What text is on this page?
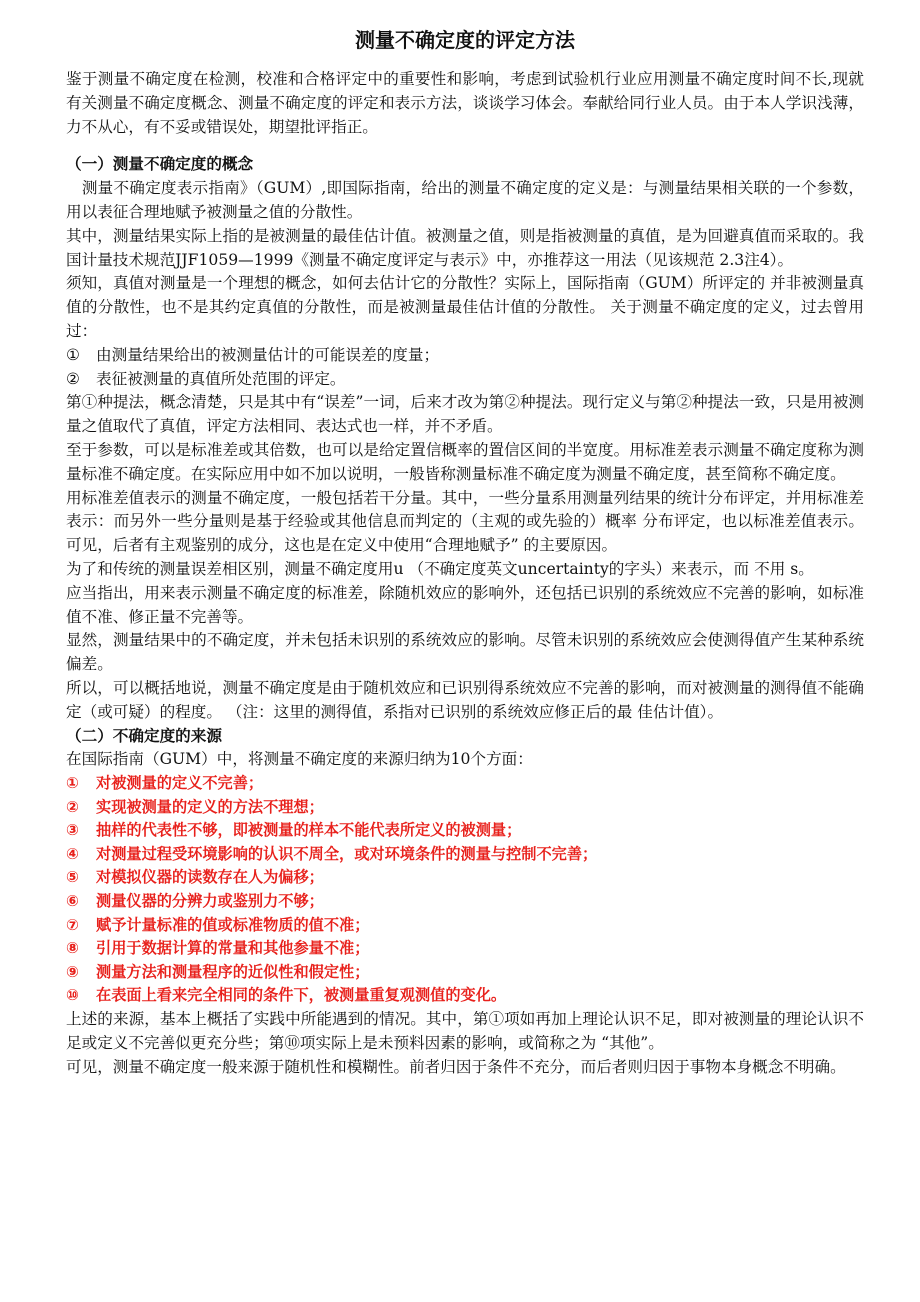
测量不确定度的评定方法

鉴于测量不确定度在检测，校准和合格评定中的重要性和影响，考虑到试验机行业应用测量不确定度时间不长,现就有关测量不确定度概念、测量不确定度的评定和表示方法，谈谈学习体会。奉献给同行业人员。由于本人学识浅薄，力不从心，有不妥或错误处，期望批评指正。

（一）测量不确定度的概念

　测量不确定度表示指南》（GUM）,即国际指南，给出的测量不确定度的定义是：与测量结果相关联的一个参数，用以表征合理地赋予被测量之值的分散性。

其中，测量结果实际上指的是被测量的最佳估计值。被测量之值，则是指被测量的真值，是为回避真值而采取的。我国计量技术规范JJF1059—1999《测量不确定度评定与表示》中，亦推荐这一用法（见该规范 2.3注4）。

须知，真值对测量是一个理想的概念，如何去估计它的分散性？实际上，国际指南（GUM）所评定的 并非被测量真值的分散性，也不是其约定真值的分散性，而是被测量最佳估计值的分散性。 关于测量不确定度的定义，过去曾用过：

① 由测量结果给出的被测量估计的可能误差的度量；

② 表征被测量的真值所处范围的评定。

第①种提法，概念清楚，只是其中有“误差”一词，后来才改为第②种提法。现行定义与第②种提法一致，只是用被测量之值取代了真值，评定方法相同、表达式也一样，并不矛盾。

至于参数，可以是标准差或其倍数，也可以是给定置信概率的置信区间的半宽度。用标准差表示测量不确定度称为测量标准不确定度。在实际应用中如不加以说明，一般皆称测量标准不确定度为测量不确定度，甚至简称不确定度。

用标准差值表示的测量不确定度，一般包括若干分量。其中，一些分量系用测量列结果的统计分布评定，并用标准差表示：而另外一些分量则是基于经验或其他信息而判定的（主观的或先验的）概率 分布评定，也以标准差值表示。可见，后者有主观鉴别的成分，这也是在定义中使用“合理地赋予” 的主要原因。

为了和传统的测量误差相区别，测量不确定度用u （不确定度英文uncertainty的字头）来表示，而 不用 s。

应当指出，用来表示测量不确定度的标准差，除随机效应的影响外，还包括已识别的系统效应不完善的影响，如标准值不准、修正量不完善等。

显然，测量结果中的不确定度，并未包括未识别的系统效应的影响。尽管未识别的系统效应会使测得值产生某种系统偏差。

所以，可以概括地说，测量不确定度是由于随机效应和已识别得系统效应不完善的影响，而对被测量的测得值不能确定（或可疑）的程度。 （注：这里的测得值，系指对已识别的系统效应修正后的最 佳估计值）。

（二）不确定度的来源

在国际指南（GUM）中，将测量不确定度的来源归纳为10个方面：

① 对被测量的定义不完善；
② 实现被测量的定义的方法不理想；
③ 抽样的代表性不够，即被测量的样本不能代表所定义的被测量；
④ 对测量过程受环境影响的认识不周全，或对环境条件的测量与控制不完善；
⑤ 对模拟仪器的读数存在人为偏移；
⑥ 测量仪器的分辨力或鉴别力不够；
⑦ 赋予计量标准的值或标准物质的值不准；
⑧ 引用于数据计算的常量和其他参量不准；
⑨ 测量方法和测量程序的近似性和假定性；
⑩ 在表面上看来完全相同的条件下，被测量重复观测值的变化。

上述的来源，基本上概括了实践中所能遇到的情况。其中，第①项如再加上理论认识不足，即对被测量的理论认识不足或定义不完善似更充分些；第⑩项实际上是未预料因素的影响，或简称之为 “其他”。

可见，测量不确定度一般来源于随机性和模糊性。前者归因于条件不充分，而后者则归因于事物本身概念不明确。
